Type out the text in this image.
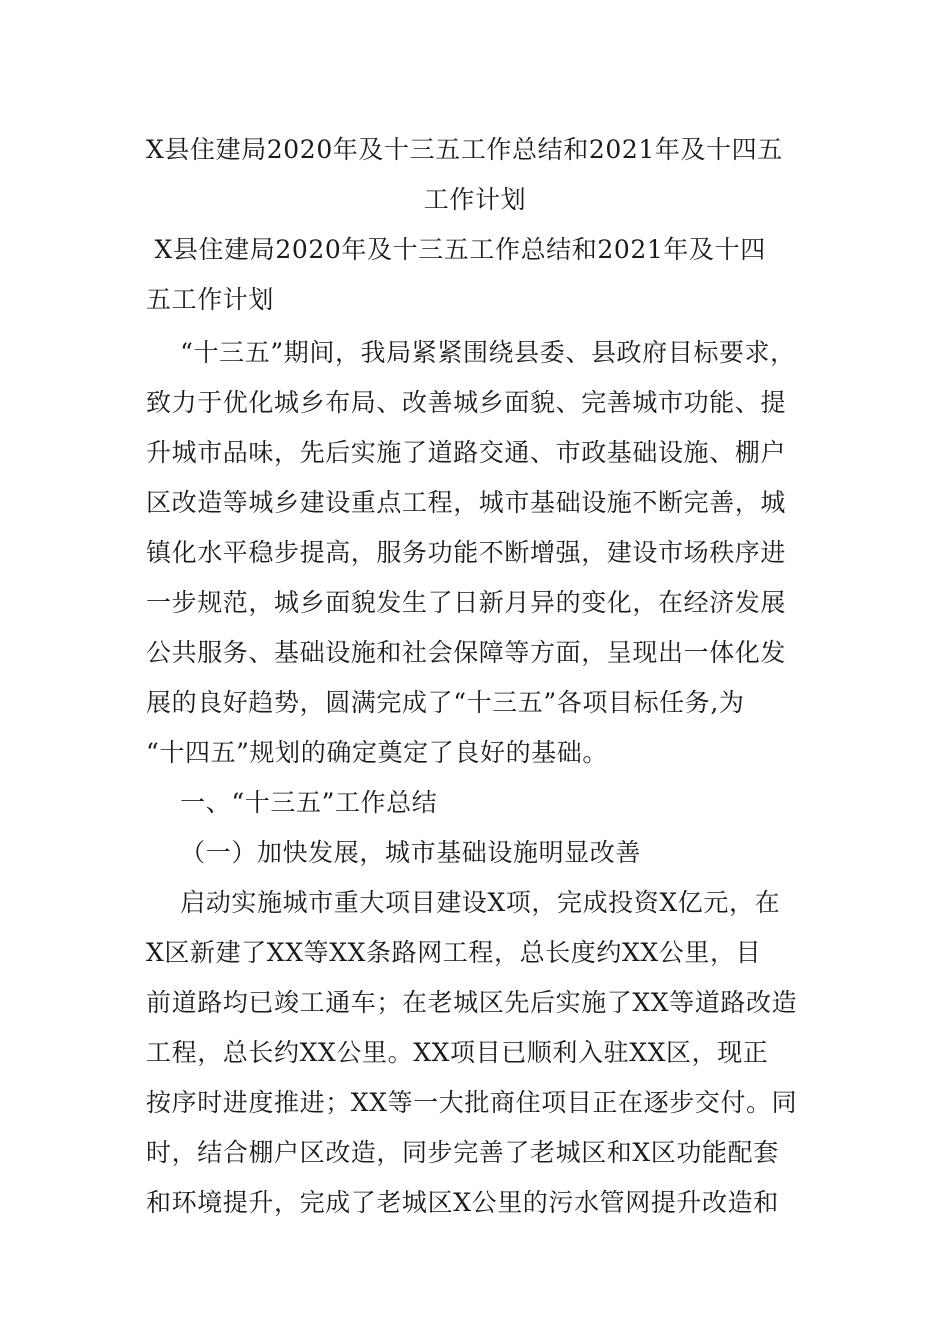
X县住建局2020年及十三五工作总结和2021年及十四五
工作计划
X县住建局2020年及十三五工作总结和2021年及十四
五工作计划
“十三五”期间，我局紧紧围绕县委、县政府目标要求，
致力于优化城乡布局、改善城乡面貌、完善城市功能、提
升城市品味，先后实施了道路交通、市政基础设施、棚户
区改造等城乡建设重点工程，城市基础设施不断完善，城
镇化水平稳步提高，服务功能不断增强，建设市场秩序进
一步规范，城乡面貌发生了日新月异的变化，在经济发展
公共服务、基础设施和社会保障等方面，呈现出一体化发
展的良好趋势，圆满完成了“十三五”各项目标任务,为
“十四五”规划的确定奠定了良好的基础。
一、“十三五”工作总结
（一）加快发展，城市基础设施明显改善
启动实施城市重大项目建设X项，完成投资X亿元，在
X区新建了XX等XX条路网工程，总长度约XX公里，目
前道路均已竣工通车；在老城区先后实施了XX等道路改造
工程，总长约XX公里。XX项目已顺利入驻XX区，现正
按序时进度推进；XX等一大批商住项目正在逐步交付。同
时，结合棚户区改造，同步完善了老城区和X区功能配套
和环境提升，完成了老城区X公里的污水管网提升改造和
